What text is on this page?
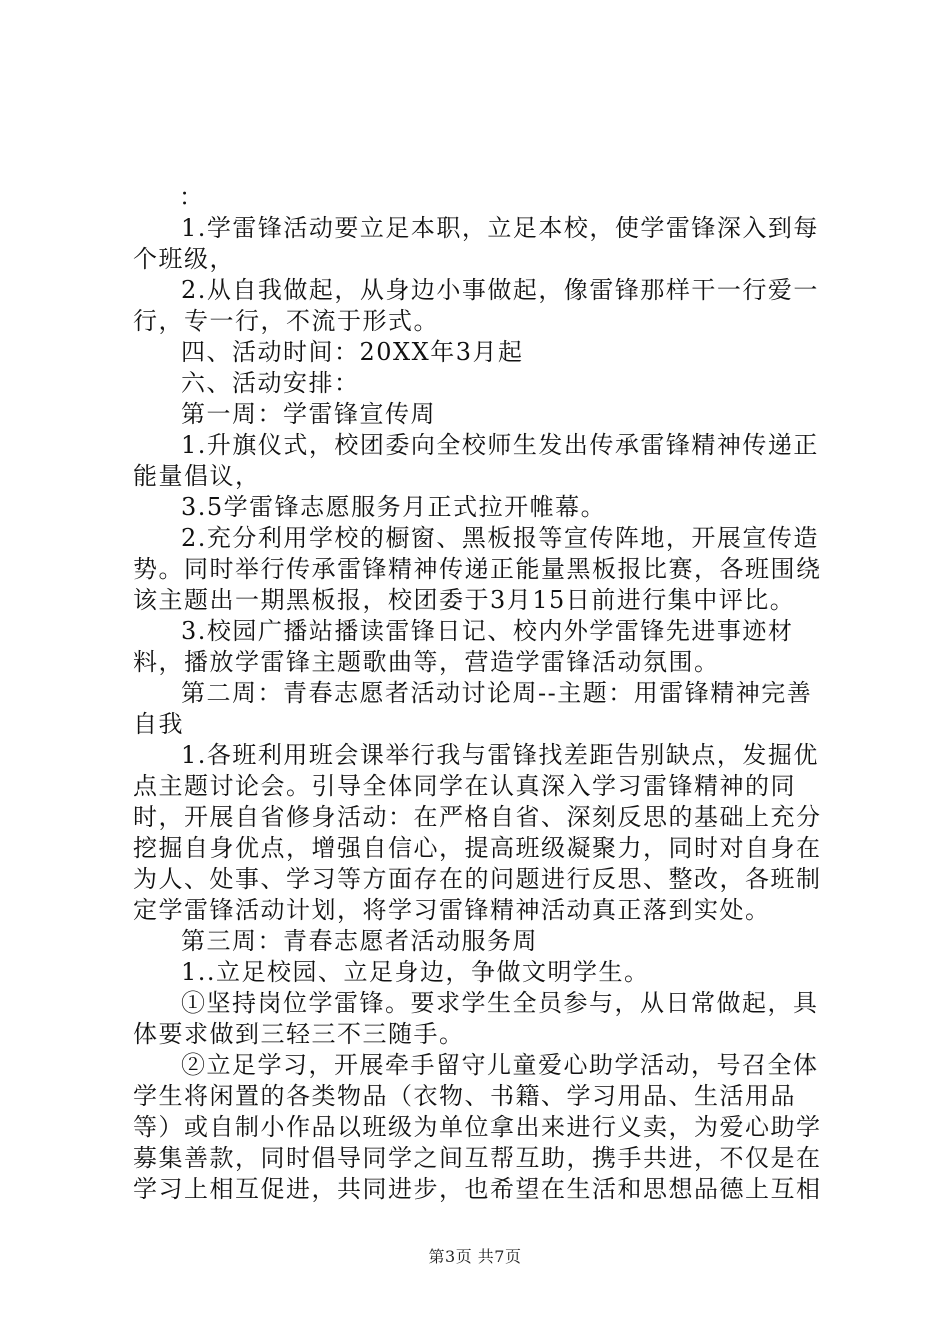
：

1.学雷锋活动要立足本职，立足本校，使学雷锋深入到每个班级，

2.从自我做起，从身边小事做起，像雷锋那样干一行爱一行，专一行，不流于形式。

四、活动时间：20XX年3月起

六、活动安排：

第一周：学雷锋宣传周

1.升旗仪式，校团委向全校师生发出传承雷锋精神传递正能量倡议，

3.5学雷锋志愿服务月正式拉开帷幕。

2.充分利用学校的橱窗、黑板报等宣传阵地，开展宣传造势。同时举行传承雷锋精神传递正能量黑板报比赛，各班围绕该主题出一期黑板报，校团委于3月15日前进行集中评比。

3.校园广播站播读雷锋日记、校内外学雷锋先进事迹材料，播放学雷锋主题歌曲等，营造学雷锋活动氛围。

第二周：青春志愿者活动讨论周--主题：用雷锋精神完善自我

1.各班利用班会课举行我与雷锋找差距告别缺点，发掘优点主题讨论会。引导全体同学在认真深入学习雷锋精神的同时，开展自省修身活动：在严格自省、深刻反思的基础上充分挖掘自身优点，增强自信心，提高班级凝聚力，同时对自身在为人、处事、学习等方面存在的问题进行反思、整改，各班制定学雷锋活动计划，将学习雷锋精神活动真正落到实处。

第三周：青春志愿者活动服务周

1..立足校园、立足身边，争做文明学生。

①坚持岗位学雷锋。要求学生全员参与，从日常做起，具体要求做到三轻三不三随手。

②立足学习，开展牵手留守儿童爱心助学活动，号召全体学生将闲置的各类物品（衣物、书籍、学习用品、生活用品等）或自制小作品以班级为单位拿出来进行义卖，为爱心助学募集善款，同时倡导同学之间互帮互助，携手共进，不仅是在学习上相互促进，共同进步，也希望在生活和思想品德上互相

第3页 共7页
